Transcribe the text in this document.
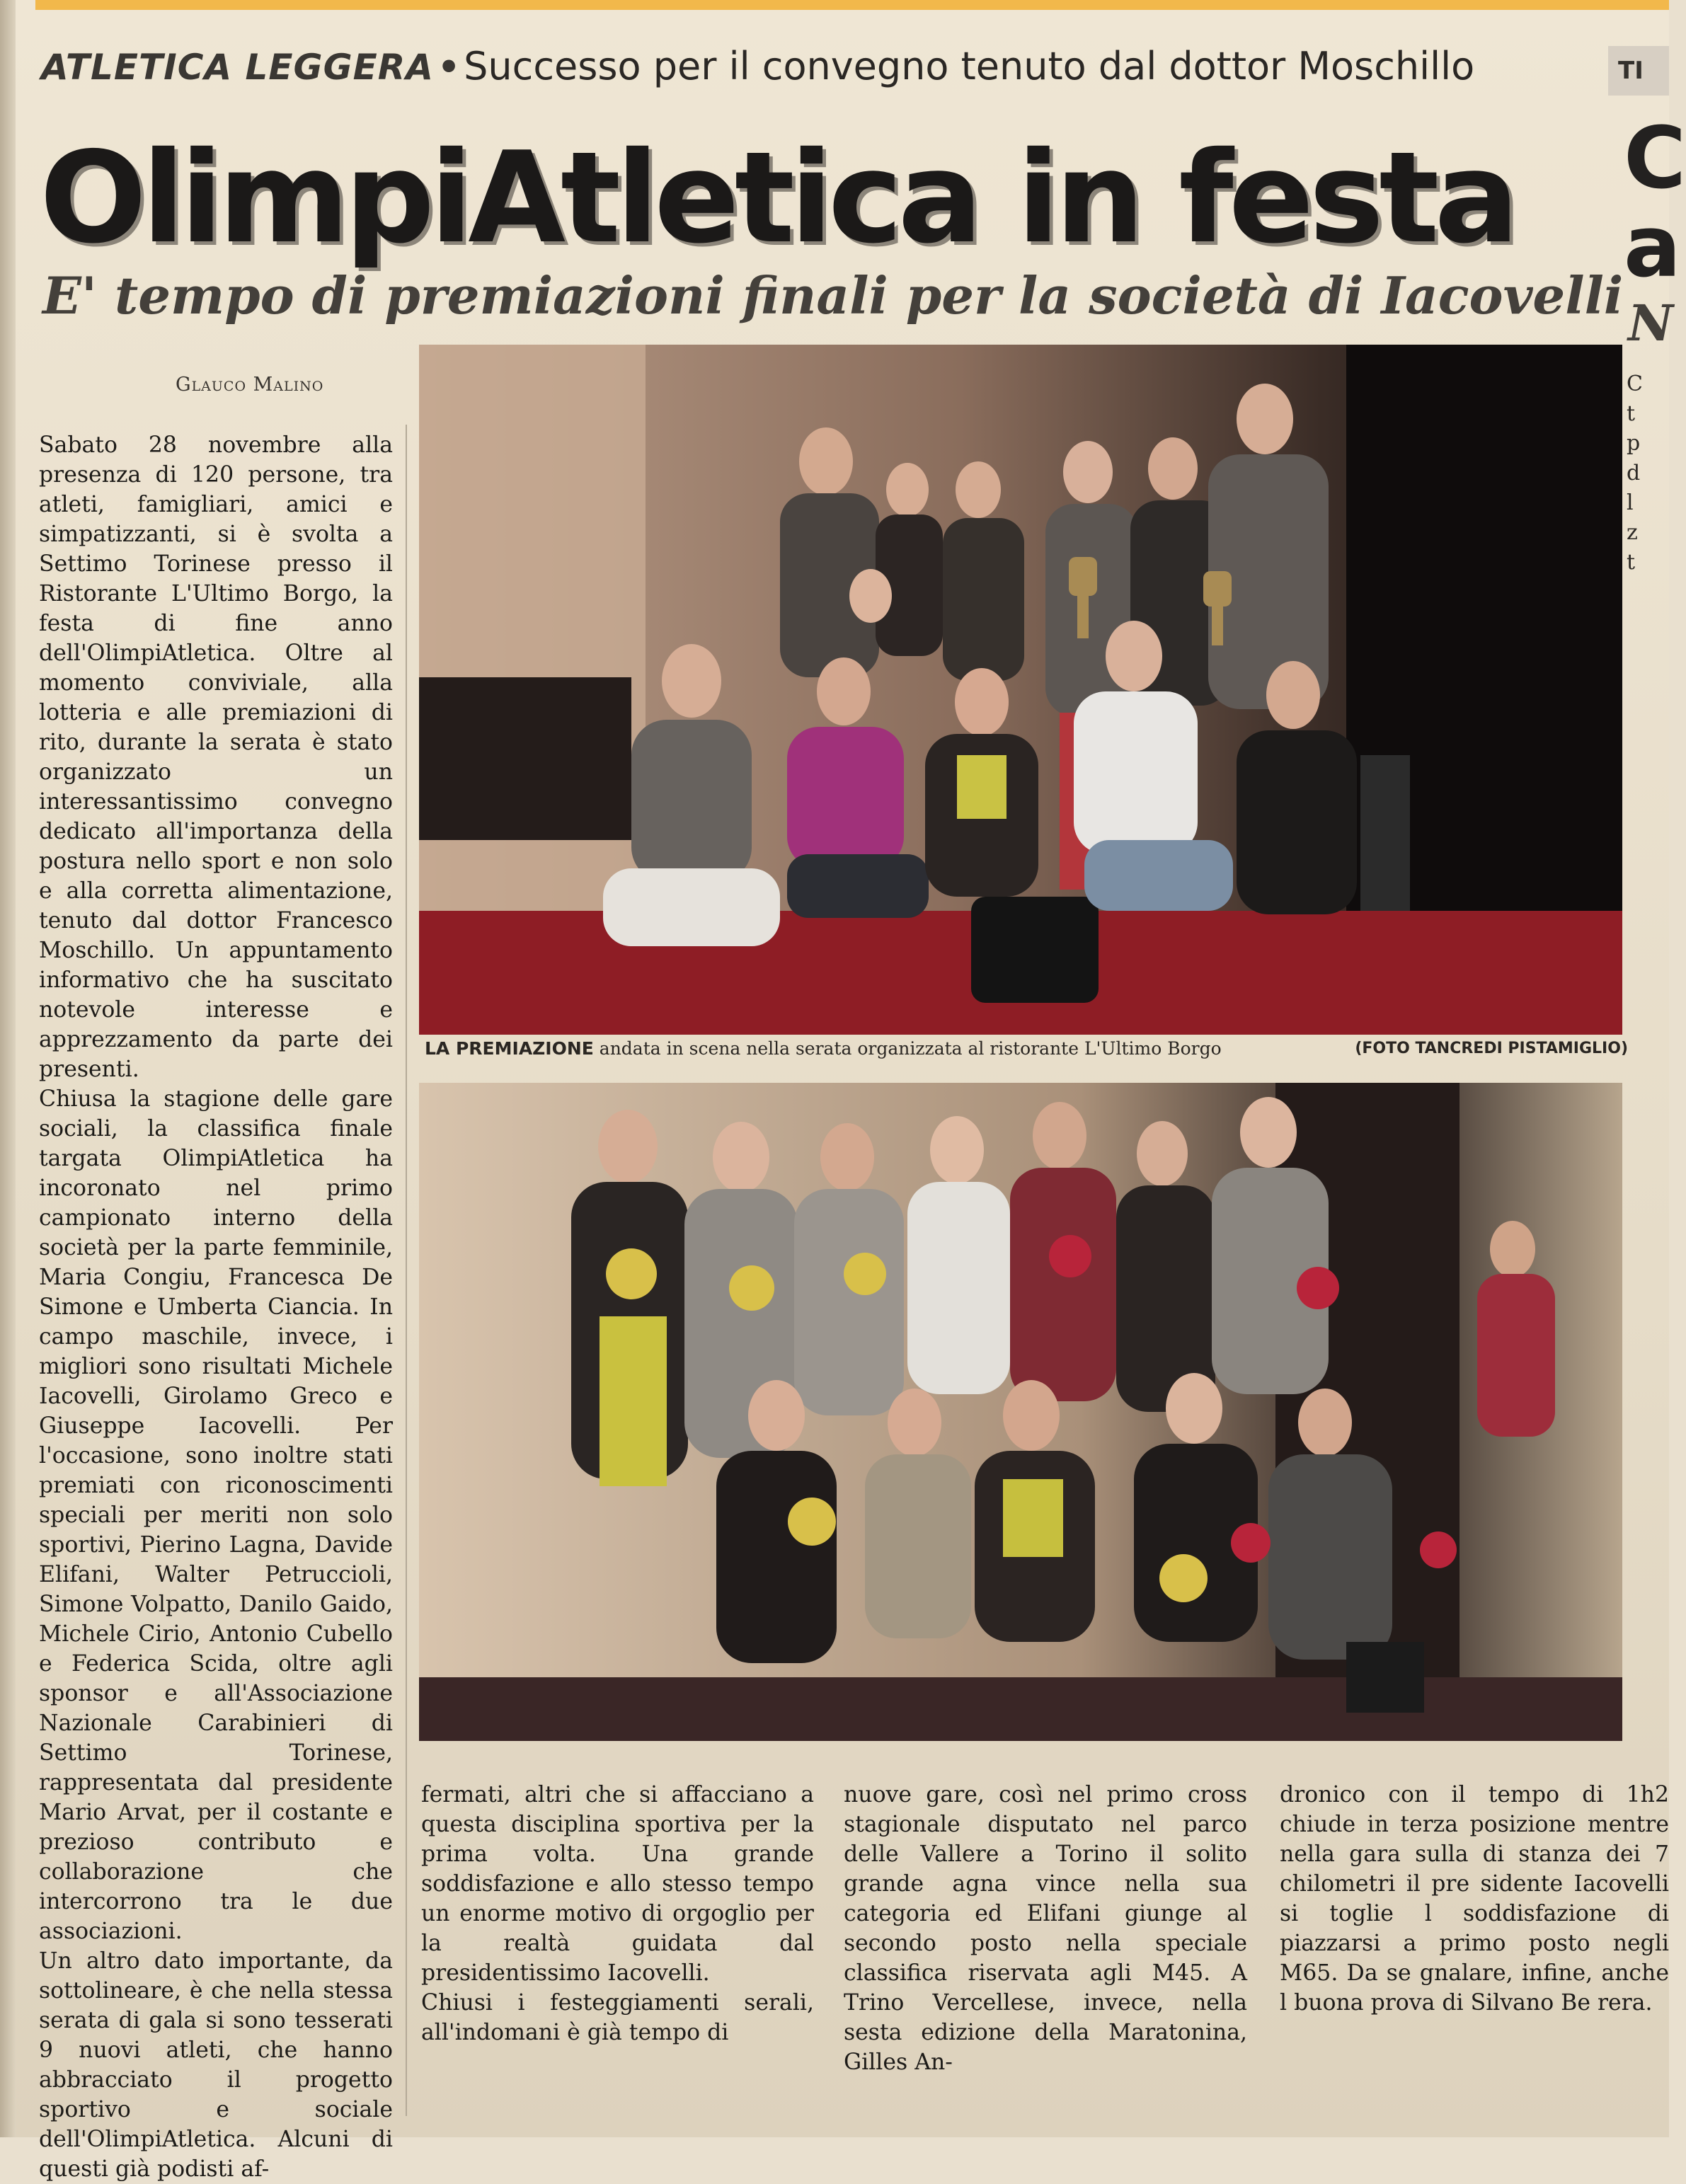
ATLETICA LEGGERA • Successo per il convegno tenuto dal dottor Moschillo
OlimpiAtletica in festa
E' tempo di premiazioni finali per la società di Iacovelli
Glauco Malino

Sabato 28 novembre alla presenza di 120 persone, tra atleti, famigliari, amici e simpatizzanti, si è svolta a Settimo Torinese presso il Ristorante L'Ultimo Borgo, la festa di fine anno dell'OlimpiAtletica. Oltre al momento conviviale, alla lotteria e alle premiazioni di rito, durante la serata è stato organizzato un interessantissimo convegno dedicato all'importanza della postura nello sport e non solo e alla corretta alimentazione, tenuto dal dottor Francesco Moschillo. Un appuntamento informativo che ha suscitato notevole interesse e apprezzamento da parte dei presenti.

Chiusa la stagione delle gare sociali, la classifica finale targata OlimpiAtletica ha incoronato nel primo campionato interno della società per la parte femminile, Maria Congiu, Francesca De Simone e Umberta Ciancia. In campo maschile, invece, i migliori sono risultati Michele Iacovelli, Girolamo Greco e Giuseppe Iacovelli. Per l'occasione, sono inoltre stati premiati con riconoscimenti speciali per meriti non solo sportivi, Pierino Lagna, Davide Elifani, Walter Petruccioli, Simone Volpatto, Danilo Gaido, Michele Cirio, Antonio Cubello e Federica Scida, oltre agli sponsor e all'Associazione Nazionale Carabinieri di Settimo Torinese, rappresentata dal presidente Mario Arvat, per il costante e prezioso contributo e collaborazione che intercorrono tra le due associazioni.

Un altro dato importante, da sottolineare, è che nella stessa serata di gala si sono tesserati 9 nuovi atleti, che hanno abbracciato il progetto sportivo e sociale dell'OlimpiAtletica. Alcuni di questi già podisti af-

LA PREMIAZIONE andata in scena nella serata organizzata al ristorante L'Ultimo Borgo	(FOTO TANCREDI PISTAMIGLIO)

fermati, altri che si affacciano a questa disciplina sportiva per la prima volta. Una grande soddisfazione e allo stesso tempo un enorme motivo di orgoglio per la realtà guidata dal presidentissimo Iacovelli.

Chiusi i festeggiamenti serali, all'indomani è già tempo di

nuove gare, così nel primo cross stagionale disputato nel parco delle Vallere a Torino il solito grande agna vince nella sua categoria ed Elifani giunge al secondo posto nella speciale classifica riservata agli M45. A Trino Vercellese, invece, nella sesta edizione della Maratonina, Gilles An-

dronico con il tempo di 1h2 chiude in terza posizione mentre nella gara sulla di stanza dei 7 chilometri il pre sidente Iacovelli si toglie l soddisfazione di piazzarsi a primo posto negli M65. Da se gnalare, infine, anche l buona prova di Silvano Be rera.

TI
C
a
N
C
t
p
d
l
z
t
